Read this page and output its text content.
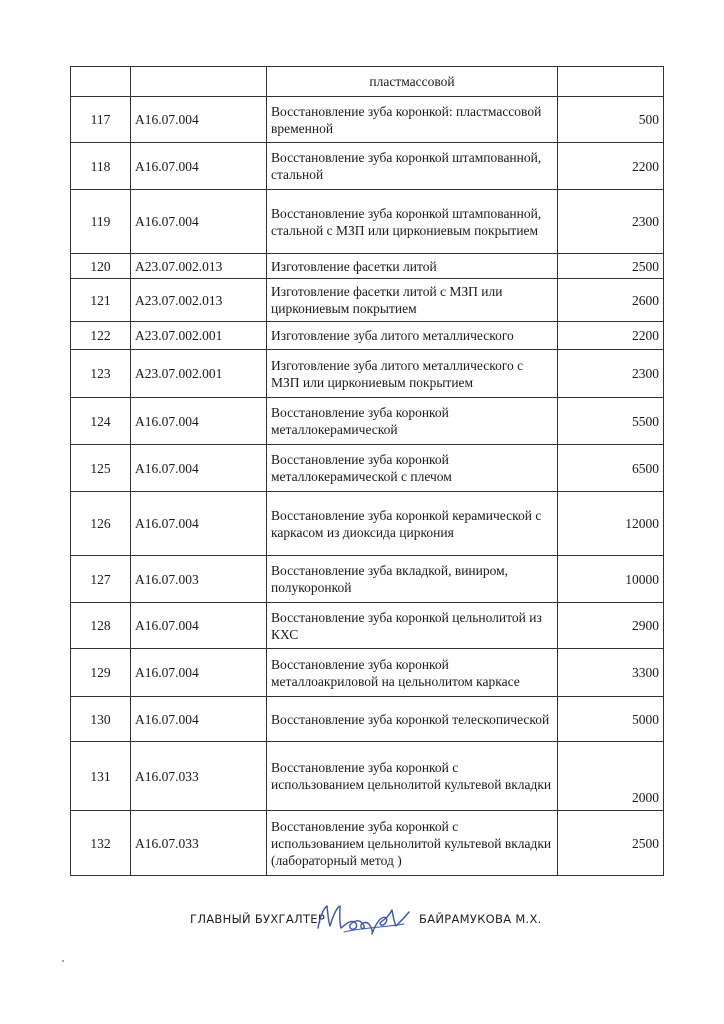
		пластмассовой	
117	A16.07.004	Восстановление зуба коронкой: пластмассовой временной	500
118	A16.07.004	Восстановление зуба коронкой штампованной, стальной	2200
119	A16.07.004	Восстановление зуба коронкой штампованной, стальной с МЗП или циркониевым покрытием	2300
120	A23.07.002.013	Изготовление фасетки литой	2500
121	A23.07.002.013	Изготовление фасетки литой с МЗП или циркониевым покрытием	2600
122	A23.07.002.001	Изготовление зуба литого металлического	2200
123	A23.07.002.001	Изготовление зуба литого металлического с МЗП или циркониевым покрытием	2300
124	A16.07.004	Восстановление зуба коронкой металлокерамической	5500
125	A16.07.004	Восстановление зуба коронкой металлокерамической с плечом	6500
126	A16.07.004	Восстановление зуба коронкой керамической с каркасом из диоксида циркония	12000
127	A16.07.003	Восстановление зуба вкладкой, виниром, полукоронкой	10000
128	A16.07.004	Восстановление зуба коронкой цельнолитой из КХС	2900
129	A16.07.004	Восстановление зуба коронкой металлоакриловой на цельнолитом каркасе	3300
130	A16.07.004	Восстановление зуба коронкой телескопической	5000
131	A16.07.033	Восстановление зуба коронкой с использованием цельнолитой культевой вкладки	2000
132	A16.07.033	Восстановление зуба коронкой с использованием цельнолитой культевой вкладки (лабораторный метод )	2500
ГЛАВНЫЙ БУХГАЛТЕР	БАЙРАМУКОВА М.Х.
